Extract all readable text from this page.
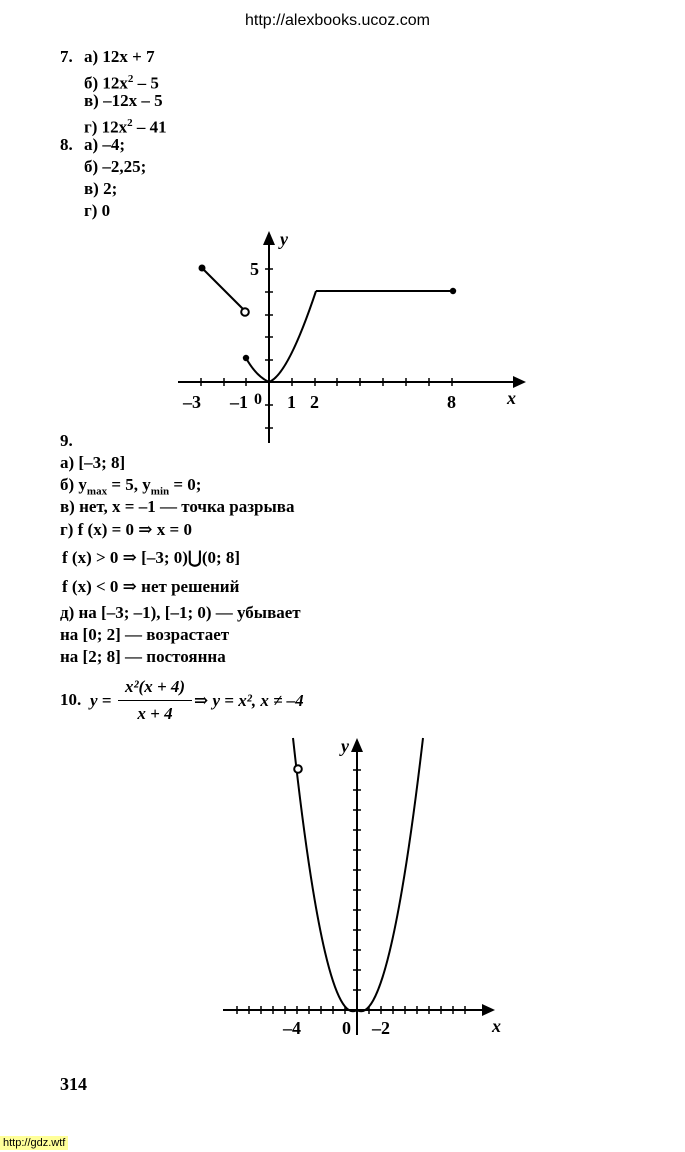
http://alexbooks.ucoz.com
7. а) 12x + 7
б) $12x^2 - 5$
в) –12x – 5
г) $12x^2 - 41$
8. а) –4;
б) –2,25;
в) 2;
г) 0
y
5
x
–3 –1 0 1 2	8
9.
а) [–3; 8]
б) $y_{max} = 5$, $y_{min} = 0$;
в) нет, x = –1 — точка разрыва
г) f (x) = 0 ⇒ x = 0
f (x) > 0 ⇒ [–3; 0)⋃(0; 8]
f (x) < 0 ⇒ нет решений
д) на [–3; –1), [–1; 0) — убывает
на [0; 2] — возрастает
на [2; 8] — постоянна
10. y =
x²(x + 4)
x + 4
⇒ y = x², x ≠ –4
y
x
–4 0 –2
314
http://gdz.wtf
